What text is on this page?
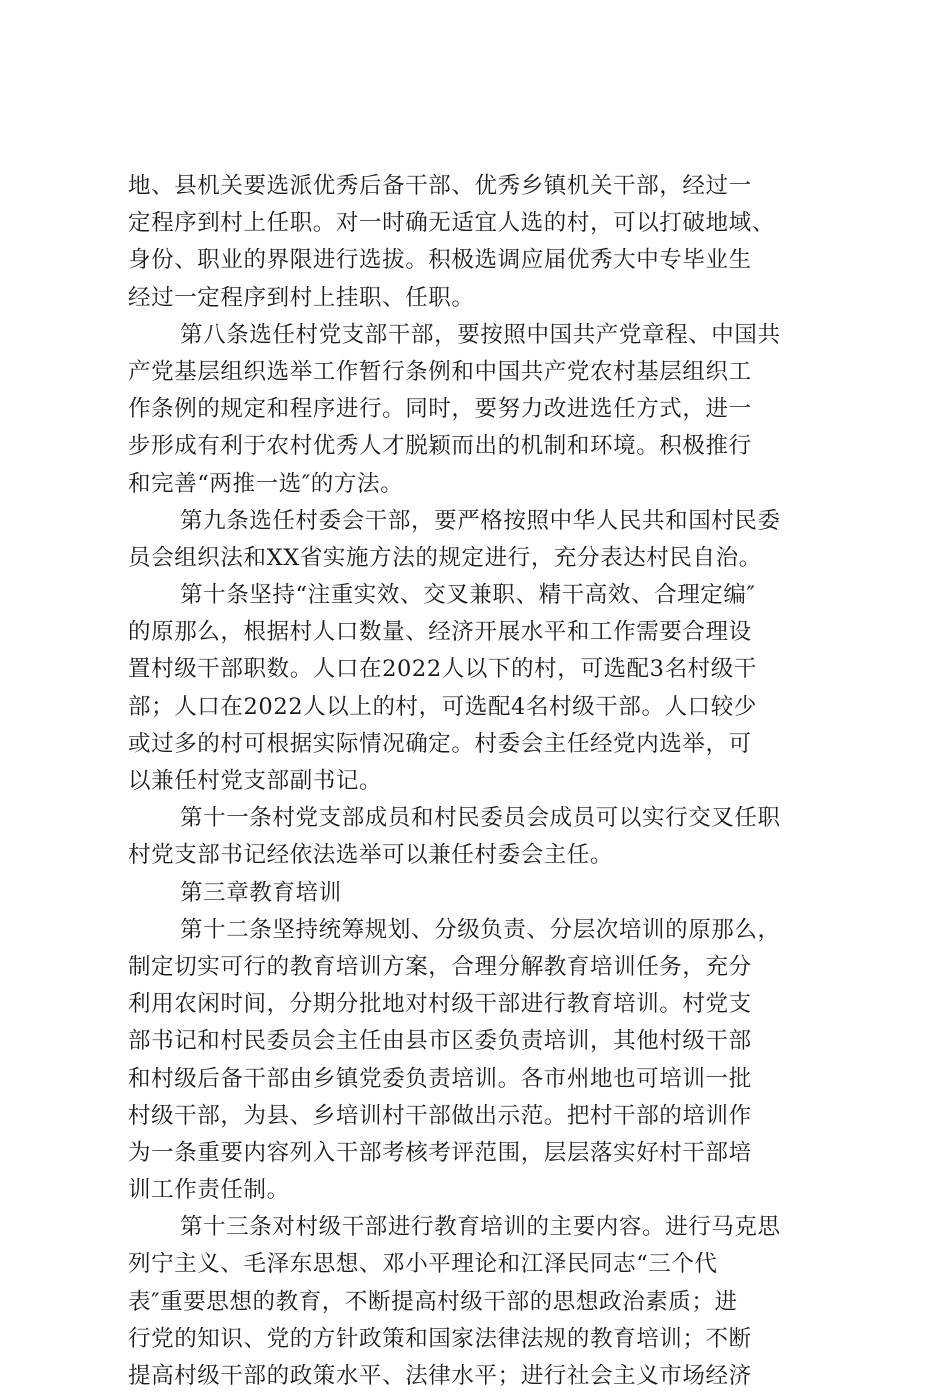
地、县机关要选派优秀后备干部、优秀乡镇机关干部，经过一
定程序到村上任职。对一时确无适宜人选的村，可以打破地域、
身份、职业的界限进行选拔。积极选调应届优秀大中专毕业生
经过一定程序到村上挂职、任职。
第八条选任村党支部干部，要按照中国共产党章程、中国共
产党基层组织选举工作暂行条例和中国共产党农村基层组织工
作条例的规定和程序进行。同时，要努力改进选任方式，进一
步形成有利于农村优秀人才脱颖而出的机制和环境。积极推行
和完善“两推一选″的方法。
第九条选任村委会干部，要严格按照中华人民共和国村民委
员会组织法和XX省实施方法的规定进行，充分表达村民自治。
第十条坚持“注重实效、交叉兼职、精干高效、合理定编″
的原那么，根据村人口数量、经济开展水平和工作需要合理设
置村级干部职数。人口在2022人以下的村，可选配3名村级干
部；人口在2022人以上的村，可选配4名村级干部。人口较少
或过多的村可根据实际情况确定。村委会主任经党内选举，可
以兼任村党支部副书记。
第十一条村党支部成员和村民委员会成员可以实行交叉任职
村党支部书记经依法选举可以兼任村委会主任。
第三章教育培训
第十二条坚持统筹规划、分级负责、分层次培训的原那么，
制定切实可行的教育培训方案，合理分解教育培训任务，充分
利用农闲时间，分期分批地对村级干部进行教育培训。村党支
部书记和村民委员会主任由县市区委负责培训，其他村级干部
和村级后备干部由乡镇党委负责培训。各市州地也可培训一批
村级干部，为县、乡培训村干部做出示范。把村干部的培训作
为一条重要内容列入干部考核考评范围，层层落实好村干部培
训工作责任制。
第十三条对村级干部进行教育培训的主要内容。进行马克思
列宁主义、毛泽东思想、邓小平理论和江泽民同志“三个代
表″重要思想的教育，不断提高村级干部的思想政治素质；进
行党的知识、党的方针政策和国家法律法规的教育培训；不断
提高村级干部的政策水平、法律水平；进行社会主义市场经济
